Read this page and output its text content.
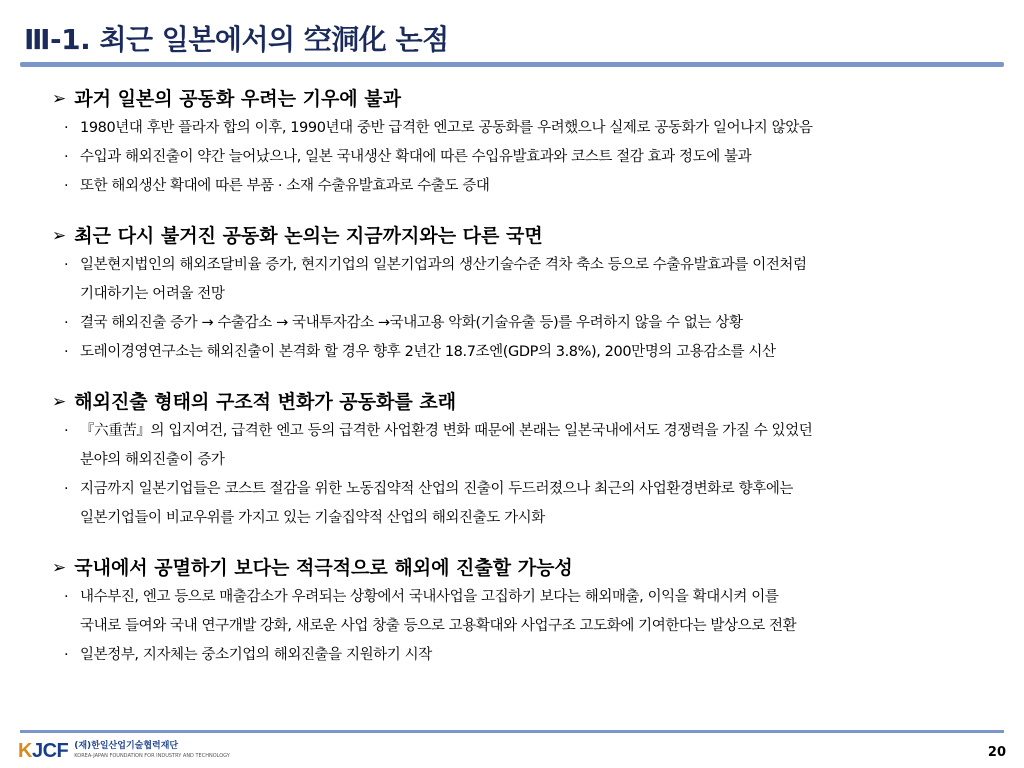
Ⅲ-1. 최근 일본에서의 空洞化 논점
➢ 과거 일본의 공동화 우려는 기우에 불과
· 1980년대 후반 플라자 합의 이후, 1990년대 중반 급격한 엔고로 공동화를 우려했으나 실제로 공동화가 일어나지 않았음
· 수입과 해외진출이 약간 늘어났으나, 일본 국내생산 확대에 따른 수입유발효과와 코스트 절감 효과 정도에 불과
· 또한 해외생산 확대에 따른 부품 · 소재 수출유발효과로 수출도 증대
➢ 최근 다시 불거진 공동화 논의는 지금까지와는 다른 국면
· 일본현지법인의 해외조달비율 증가, 현지기업의 일본기업과의 생산기술수준 격차 축소 등으로 수출유발효과를 이전처럼
기대하기는 어려울 전망
· 결국 해외진출 증가 → 수출감소 → 국내투자감소 →국내고용 악화(기술유출 등)를 우려하지 않을 수 없는 상황
· 도레이경영연구소는 해외진출이 본격화 할 경우 향후 2년간 18.7조엔(GDP의 3.8%), 200만명의 고용감소를 시산
➢ 해외진출 형태의 구조적 변화가 공동화를 초래
· 『六重苦』의 입지여건, 급격한 엔고 등의 급격한 사업환경 변화 때문에 본래는 일본국내에서도 경쟁력을 가질 수 있었던
분야의 해외진출이 증가
· 지금까지 일본기업들은 코스트 절감을 위한 노동집약적 산업의 진출이 두드러졌으나 최근의 사업환경변화로 향후에는
일본기업들이 비교우위를 가지고 있는 기술집약적 산업의 해외진출도 가시화
➢ 국내에서 공멸하기 보다는 적극적으로 해외에 진출할 가능성
· 내수부진, 엔고 등으로 매출감소가 우려되는 상황에서 국내사업을 고집하기 보다는 해외매출, 이익을 확대시켜 이를
국내로 들여와 국내 연구개발 강화, 새로운 사업 창출 등으로 고용확대와 사업구조 고도화에 기여한다는 발상으로 전환
· 일본정부, 지자체는 중소기업의 해외진출을 지원하기 시작
KJCF (재)한일산업기술협력재단
KOREA-JAPAN FOUNDATION FOR INDUSTRY AND TECHNOLOGY	20
